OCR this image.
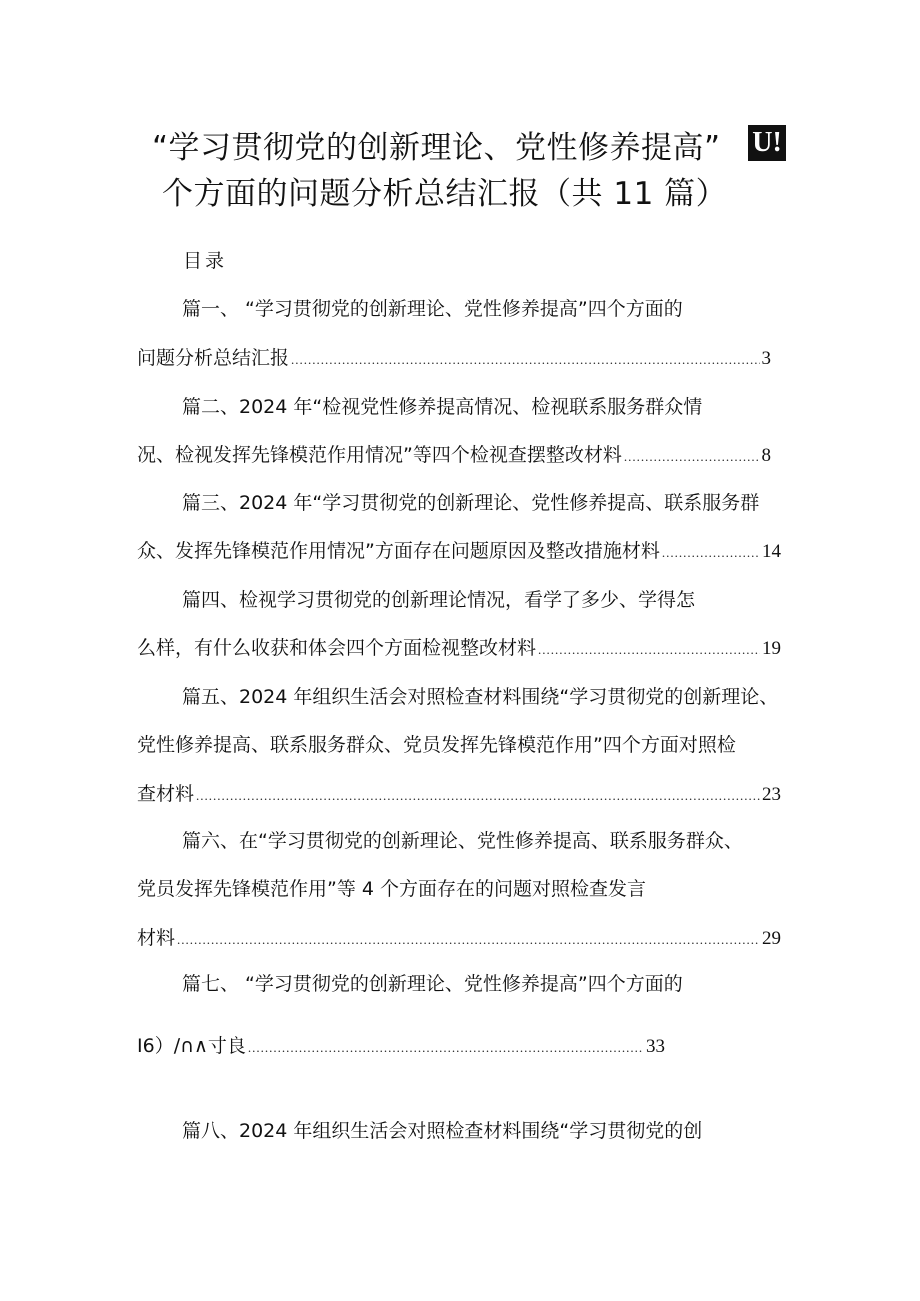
“学习贯彻党的创新理论、党性修养提高”
个方面的问题分析总结汇报（共 11 篇）
U!
目录
篇一、 “学习贯彻党的创新理论、党性修养提高”四个方面的
问题分析总结汇报 .....	3
篇二、2024 年“检视党性修养提高情况、检视联系服务群众情
况、检视发挥先锋模范作用情况”等四个检视查摆整改材料 .....	8
篇三、2024 年“学习贯彻党的创新理论、党性修养提高、联系服务群
众、发挥先锋模范作用情况”方面存在问题原因及整改措施材料 .....	14
篇四、检视学习贯彻党的创新理论情况，看学了多少、学得怎
么样，有什么收获和体会四个方面检视整改材料 .....	19
篇五、2024 年组织生活会对照检查材料围绕“学习贯彻党的创新理论、
党性修养提高、联系服务群众、党员发挥先锋模范作用”四个方面对照检
查材料 .....	23
篇六、在“学习贯彻党的创新理论、党性修养提高、联系服务群众、
党员发挥先锋模范作用”等 4 个方面存在的问题对照检查发言
材料 .....	29
篇七、 “学习贯彻党的创新理论、党性修养提高”四个方面的
I6）∕∩∧寸良 .....	33
篇八、2024 年组织生活会对照检查材料围绕“学习贯彻党的创
